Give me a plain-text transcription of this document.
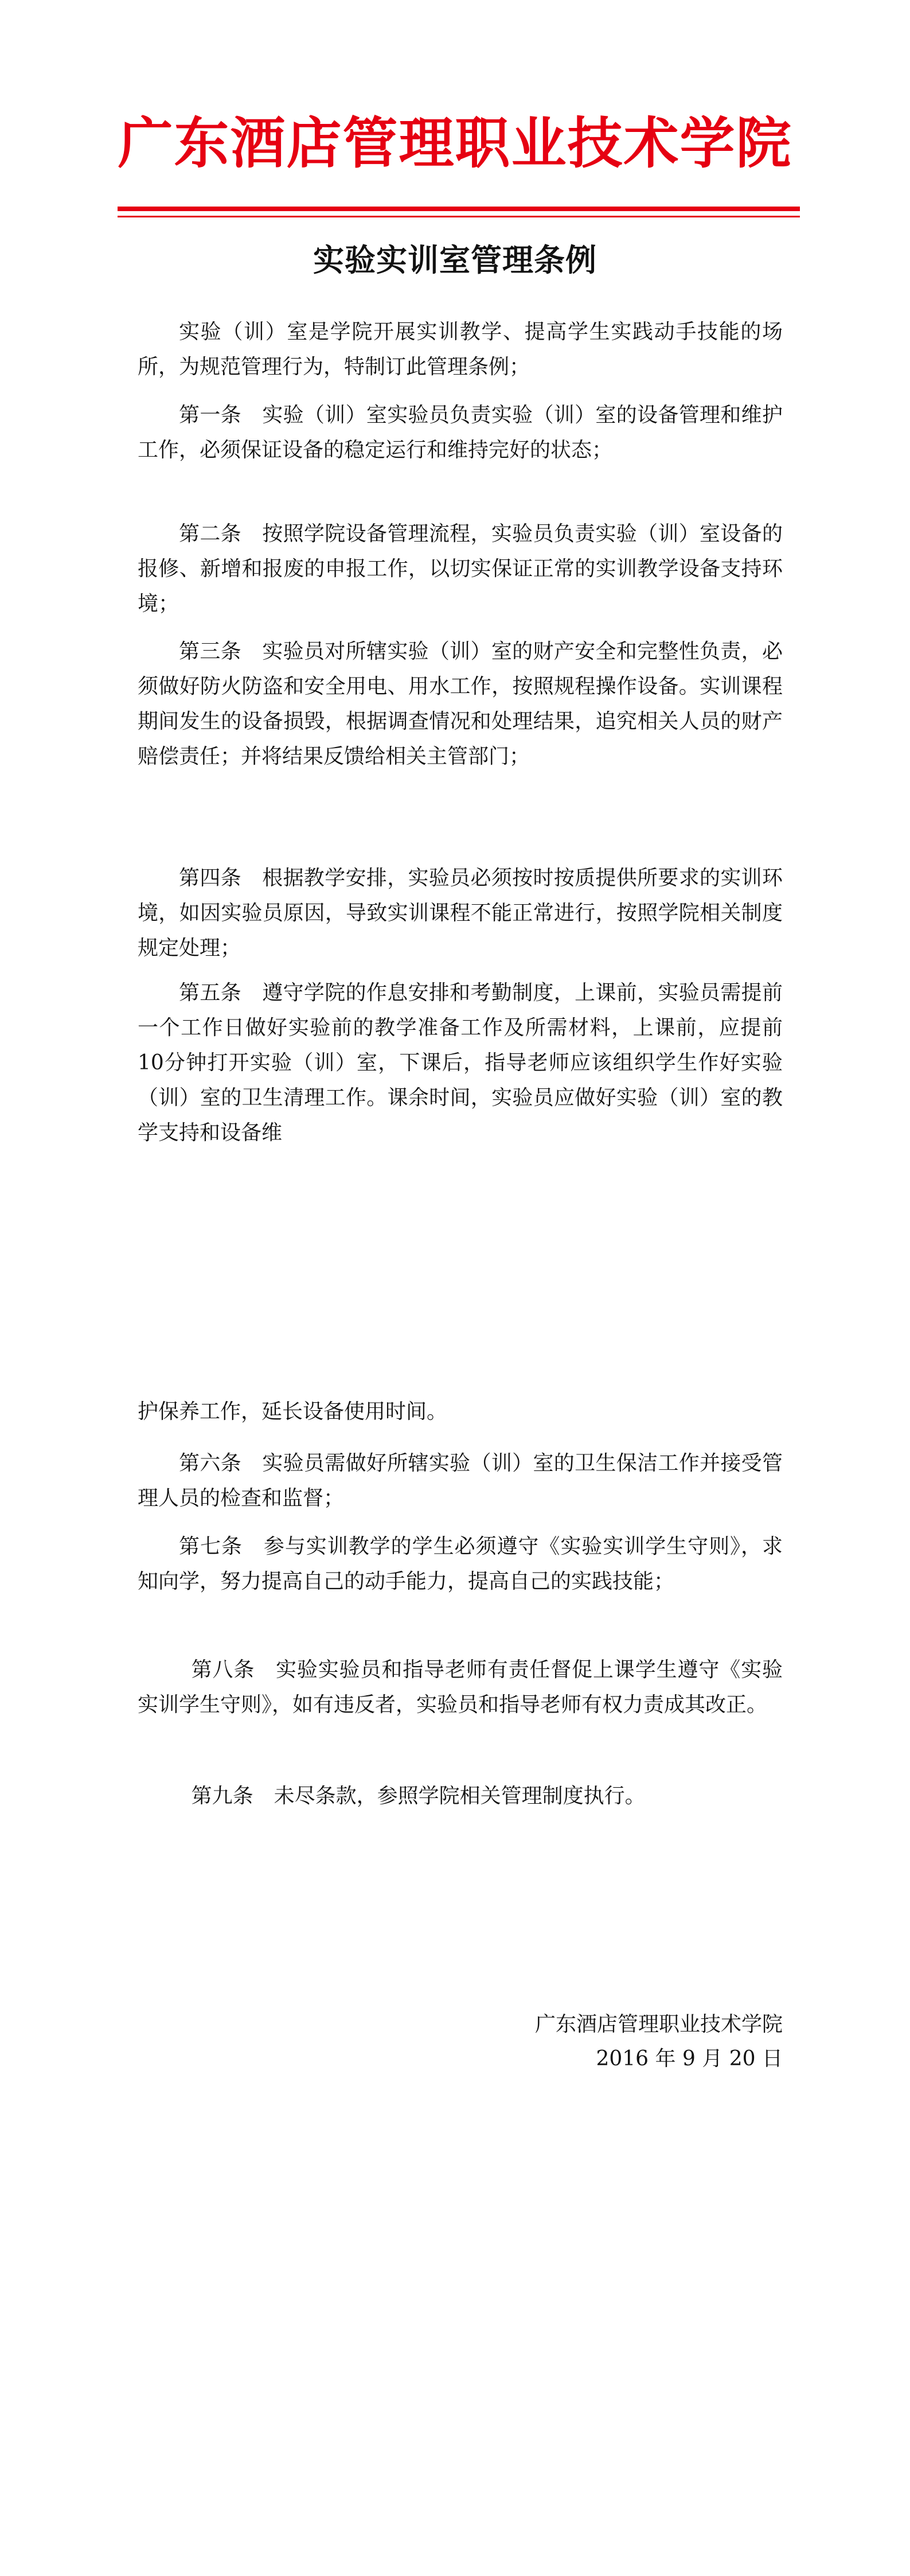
广东酒店管理职业技术学院
实验实训室管理条例

实验（训）室是学院开展实训教学、提高学生实践动手技能的场所，为规范管理行为，特制订此管理条例；

第一条　实验（训）室实验员负责实验（训）室的设备管理和维护工作，必须保证设备的稳定运行和维持完好的状态；

第二条　按照学院设备管理流程，实验员负责实验（训）室设备的报修、新增和报废的申报工作，以切实保证正常的实训教学设备支持环境；

第三条　实验员对所辖实验（训）室的财产安全和完整性负责，必须做好防火防盗和安全用电、用水工作，按照规程操作设备。实训课程期间发生的设备损毁，根据调查情况和处理结果，追究相关人员的财产赔偿责任；并将结果反馈给相关主管部门；

第四条　根据教学安排，实验员必须按时按质提供所要求的实训环境，如因实验员原因，导致实训课程不能正常进行，按照学院相关制度规定处理；

第五条　遵守学院的作息安排和考勤制度，上课前，实验员需提前一个工作日做好实验前的教学准备工作及所需材料，上课前，应提前10分钟打开实验（训）室，下课后，指导老师应该组织学生作好实验（训）室的卫生清理工作。课余时间，实验员应做好实验（训）室的教学支持和设备维

护保养工作，延长设备使用时间。

第六条　实验员需做好所辖实验（训）室的卫生保洁工作并接受管理人员的检查和监督；

第七条　参与实训教学的学生必须遵守《实验实训学生守则》，求知向学，努力提高自己的动手能力，提高自己的实践技能；

第八条　实验实验员和指导老师有责任督促上课学生遵守《实验实训学生守则》，如有违反者，实验员和指导老师有权力责成其改正。

第九条　未尽条款，参照学院相关管理制度执行。

广东酒店管理职业技术学院
2016 年 9 月 20 日
